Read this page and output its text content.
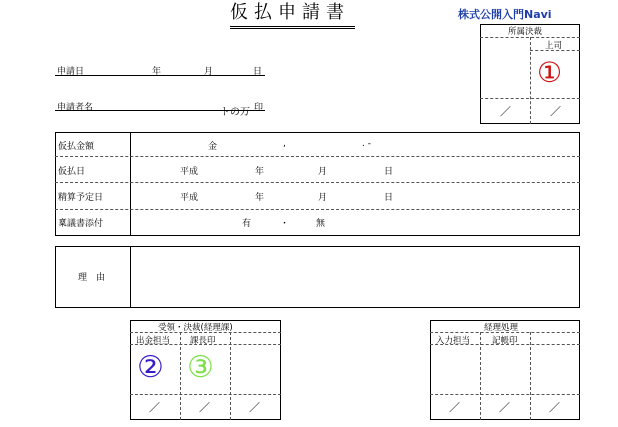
仮払申請書	株式公開入門Navi
所属決裁
上司
①
／	／
申請日	年	月	日
申請者名	トの万 印
仮払金額	金	,	. -
仮払日	平成	年	月	日
精算予定日	平成	年	月	日
稟議書添付	有	・	無
理　由
受領・決裁(経理課)
出金担当 課長印
② ③
／	／	／
経理処理
入力担当	記帳印
／	／	／
